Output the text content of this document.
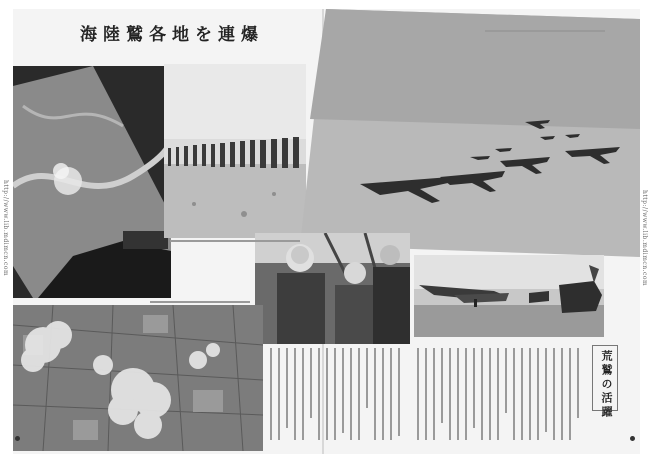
海陸鷲各地を連爆
荒鷲の活躍
http://www.lib.mdimcn.com	http://www.lib.mdimcn.com
